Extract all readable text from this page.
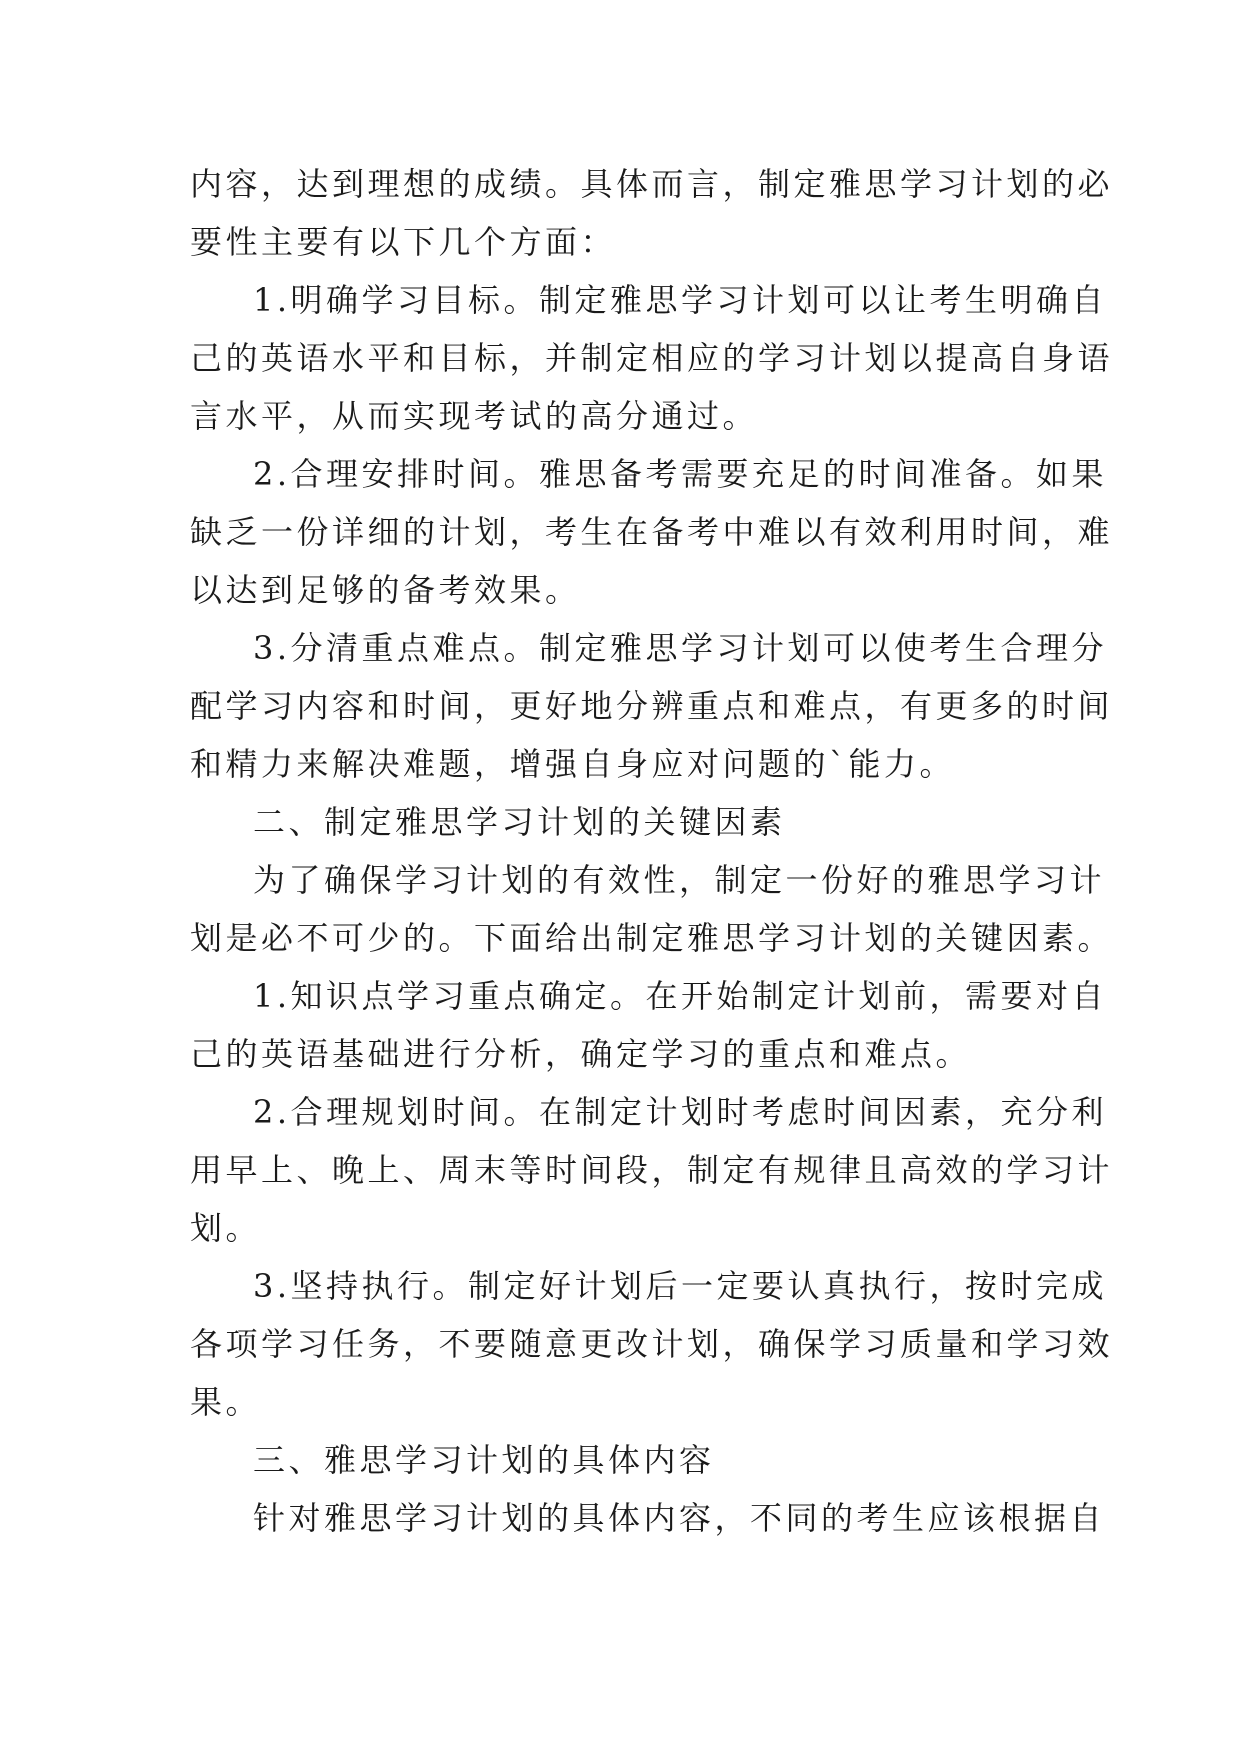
内容，达到理想的成绩。具体而言，制定雅思学习计划的必
要性主要有以下几个方面：
1.明确学习目标。制定雅思学习计划可以让考生明确自
己的英语水平和目标，并制定相应的学习计划以提高自身语
言水平，从而实现考试的高分通过。
2.合理安排时间。雅思备考需要充足的时间准备。如果
缺乏一份详细的计划，考生在备考中难以有效利用时间，难
以达到足够的备考效果。
3.分清重点难点。制定雅思学习计划可以使考生合理分
配学习内容和时间，更好地分辨重点和难点，有更多的时间
和精力来解决难题，增强自身应对问题的`能力。
二、制定雅思学习计划的关键因素
为了确保学习计划的有效性，制定一份好的雅思学习计
划是必不可少的。下面给出制定雅思学习计划的关键因素。
1.知识点学习重点确定。在开始制定计划前，需要对自
己的英语基础进行分析，确定学习的重点和难点。
2.合理规划时间。在制定计划时考虑时间因素，充分利
用早上、晚上、周末等时间段，制定有规律且高效的学习计
划。
3.坚持执行。制定好计划后一定要认真执行，按时完成
各项学习任务，不要随意更改计划，确保学习质量和学习效
果。
三、雅思学习计划的具体内容
针对雅思学习计划的具体内容，不同的考生应该根据自
